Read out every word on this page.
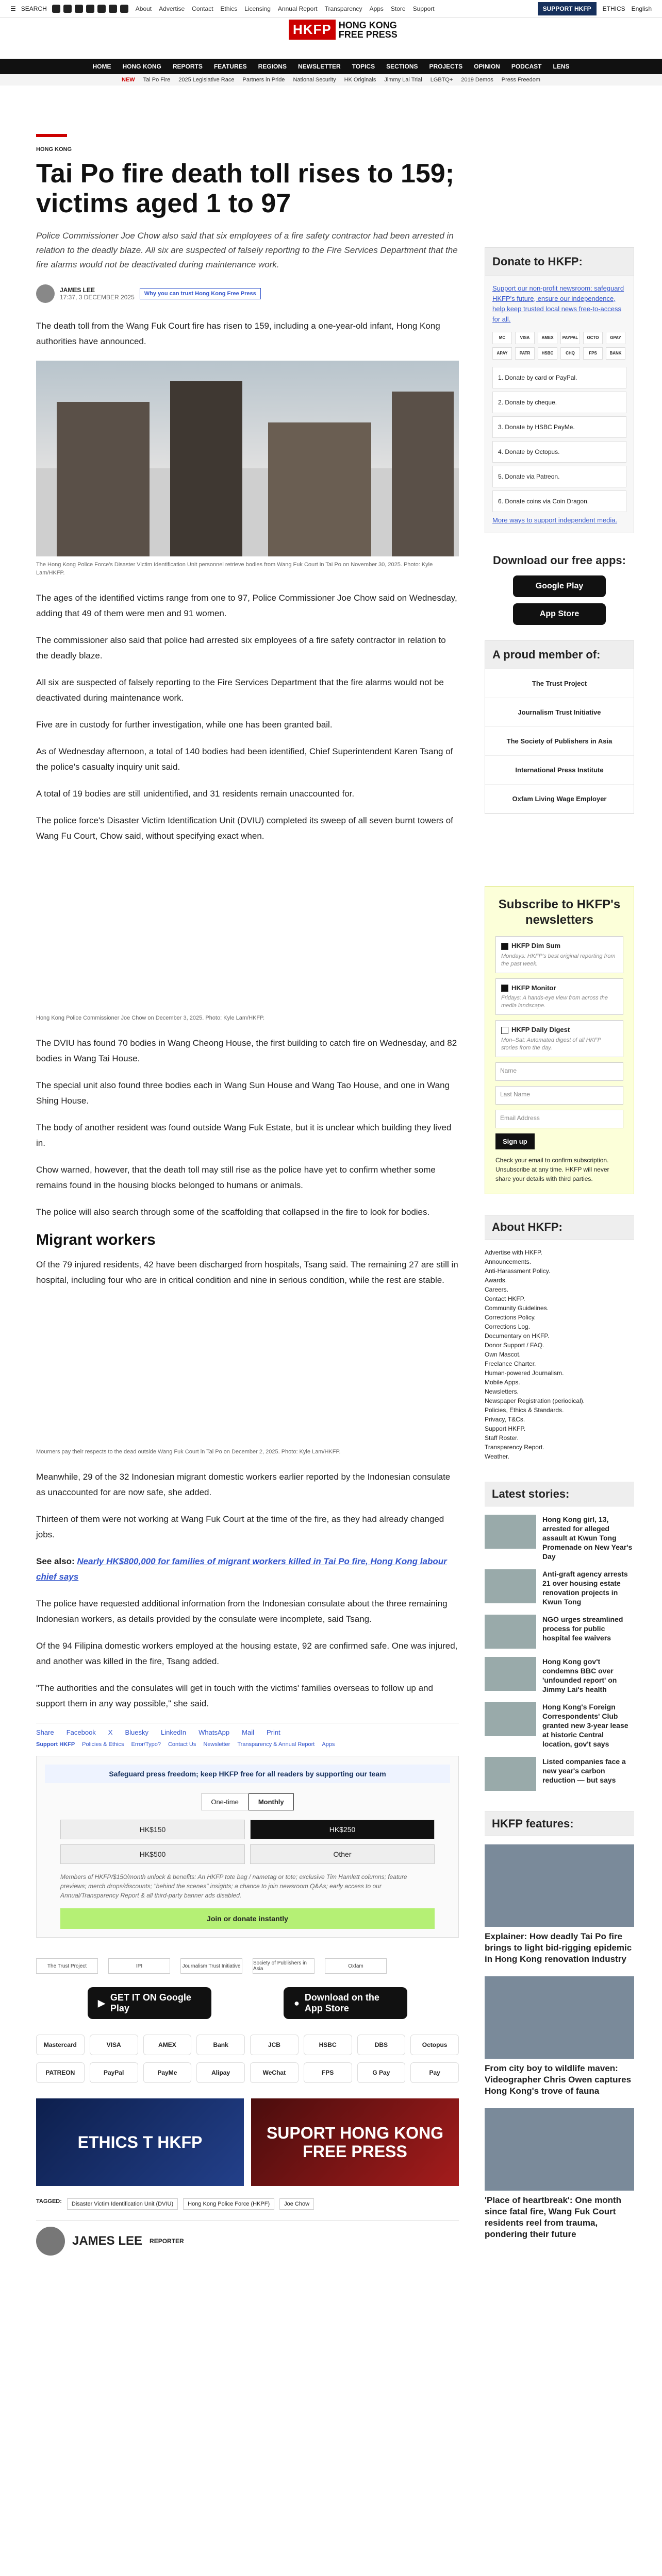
☰ SEARCH	About Advertise Contact Ethics Licensing Annual Report Transparency Apps Store Support	SUPPORT HKFP	ETHICS English
HKFP HONG KONG
FREE PRESS
HOME HONG KONG REPORTS FEATURES REGIONS NEWSLETTER TOPICS SECTIONS PROJECTS OPINION PODCAST LENS
NEW Tai Po Fire 2025 Legislative Race Partners in Pride National Security HK Originals Jimmy Lai Trial LGBTQ+ 2019 Demos Press Freedom
HONG KONG
Tai Po fire death toll rises to 159; victims aged 1 to 97

Police Commissioner Joe Chow also said that six employees of a fire safety contractor had been arrested in relation to the deadly blaze. All six are suspected of falsely reporting to the Fire Services Department that the fire alarms would not be deactivated during maintenance work.

JAMES LEE
17:37, 3 DECEMBER 2025	Why you can trust Hong Kong Free Press

The death toll from the Wang Fuk Court fire has risen to 159, including a one-year-old infant, Hong Kong authorities have announced.

The Hong Kong Police Force's Disaster Victim Identification Unit personnel retrieve bodies from Wang Fuk Court in Tai Po on November 30, 2025. Photo: Kyle Lam/HKFP.

The ages of the identified victims range from one to 97, Police Commissioner Joe Chow said on Wednesday, adding that 49 of them were men and 91 women.

The commissioner also said that police had arrested six employees of a fire safety contractor in relation to the deadly blaze.

All six are suspected of falsely reporting to the Fire Services Department that the fire alarms would not be deactivated during maintenance work.

Five are in custody for further investigation, while one has been granted bail.

As of Wednesday afternoon, a total of 140 bodies had been identified, Chief Superintendent Karen Tsang of the police's casualty inquiry unit said.

A total of 19 bodies are still unidentified, and 31 residents remain unaccounted for.

The police force's Disaster Victim Identification Unit (DVIU) completed its sweep of all seven burnt towers of Wang Fu Court, Chow said, without specifying exact when.

Hong Kong Police Commissioner Joe Chow on December 3, 2025. Photo: Kyle Lam/HKFP.

The DVIU has found 70 bodies in Wang Cheong House, the first building to catch fire on Wednesday, and 82 bodies in Wang Tai House.

The special unit also found three bodies each in Wang Sun House and Wang Tao House, and one in Wang Shing House.

The body of another resident was found outside Wang Fuk Estate, but it is unclear which building they lived in.

Chow warned, however, that the death toll may still rise as the police have yet to confirm whether some remains found in the housing blocks belonged to humans or animals.

The police will also search through some of the scaffolding that collapsed in the fire to look for bodies.

Migrant workers

Of the 79 injured residents, 42 have been discharged from hospitals, Tsang said. The remaining 27 are still in hospital, including four who are in critical condition and nine in serious condition, while the rest are stable.

Mourners pay their respects to the dead outside Wang Fuk Court in Tai Po on December 2, 2025. Photo: Kyle Lam/HKFP.

Meanwhile, 29 of the 32 Indonesian migrant domestic workers earlier reported by the Indonesian consulate as unaccounted for are now safe, she added.

Thirteen of them were not working at Wang Fuk Court at the time of the fire, as they had already changed jobs.

See also: Nearly HK$800,000 for families of migrant workers killed in Tai Po fire, Hong Kong labour chief says

The police have requested additional information from the Indonesian consulate about the three remaining Indonesian workers, as details provided by the consulate were incomplete, said Tsang.

Of the 94 Filipina domestic workers employed at the housing estate, 92 are confirmed safe. One was injured, and another was killed in the fire, Tsang added.

"The authorities and the consulates will get in touch with the victims' families overseas to follow up and support them in any way possible," she said.

Share Facebook X Bluesky LinkedIn WhatsApp Mail Print
Support HKFP Policies & Ethics Error/Typo? Contact Us Newsletter Transparency & Annual Report Apps
Safeguard press freedom; keep HKFP free for all readers by supporting our team
One-time	Monthly
HK$150	HK$250
HK$500	Other
Members of HKFP/$150/month unlock & benefits: An HKFP tote bag / nametag or tote; exclusive Tim Hamlett columns; feature previews; merch drops/discounts; "behind the scenes" insights; a chance to join newsroom Q&As; early access to our Annual/Transparency Report & all third-party banner ads disabled.
Join or donate instantly
The Trust Project	IPI	Journalism Trust Initiative	Society of Publishers in Asia	Oxfam
▶
GET IT ON Google Play
●
Download on the App Store
Mastercard	VISA	AMEX	Bank	JCB	HSBC	DBS	Octopus
PATREON	PayPal	PayMe	Alipay	WeChat	FPS	G Pay	Pay
ETHICS T HKFP	SUPORT HONG KONG FREE PRESS
TAGGED:	Disaster Victim Identification Unit (DVIU)	Hong Kong Police Force (HKPF)	Joe Chow
JAMES LEE REPORTER
Donate to HKFP:
Support our non-profit newsroom: safeguard HKFP's future, ensure our independence, help keep trusted local news free-to-access for all.
MC	VISA	AMEX	PAYPAL	OCTO	GPAY
APAY	PATR	HSBC	CHQ	FPS	BANK
1. Donate by card or PayPal.
2. Donate by cheque.
3. Donate by HSBC PayMe.
4. Donate by Octopus.
5. Donate via Patreon.
6. Donate coins via Coin Dragon.
More ways to support independent media.
Download our free apps:
Google Play
App Store
A proud member of:
The Trust Project
Journalism Trust Initiative
The Society of Publishers in Asia
International Press Institute
Oxfam Living Wage Employer
Subscribe to HKFP's newsletters
HKFP Dim Sum
Mondays: HKFP's best original reporting from the past week.
HKFP Monitor
Fridays: A hands-eye view from across the media landscape.
HKFP Daily Digest
Mon–Sat: Automated digest of all HKFP stories from the day.
Name
Last Name
Email Address
Sign up

Check your email to confirm subscription. Unsubscribe at any time. HKFP will never share your details with third parties.

About HKFP:
Advertise with HKFP.
Announcements.
Anti-Harassment Policy.
Awards.
Careers.
Contact HKFP.
Community Guidelines.
Corrections Policy.
Corrections Log.
Documentary on HKFP.
Donor Support / FAQ.
Own Mascot.
Freelance Charter.
Human-powered Journalism.
Mobile Apps.
Newsletters.
Newspaper Registration (periodical).
Policies, Ethics & Standards.
Privacy, T&Cs.
Support HKFP.
Staff Roster.
Transparency Report.
Weather.
Latest stories:
Hong Kong girl, 13, arrested for alleged assault at Kwun Tong Promenade on New Year's Day
Anti-graft agency arrests 21 over housing estate renovation projects in Kwun Tong
NGO urges streamlined process for public hospital fee waivers
Hong Kong gov't condemns BBC over 'unfounded report' on Jimmy Lai's health
Hong Kong's Foreign Correspondents' Club granted new 3-year lease at historic Central location, gov't says
Listed companies face a new year's carbon reduction — but says
HKFP features:
Explainer: How deadly Tai Po fire brings to light bid-rigging epidemic in Hong Kong renovation industry
From city boy to wildlife maven: Videographer Chris Owen captures Hong Kong's trove of fauna
'Place of heartbreak': One month since fatal fire, Wang Fuk Court residents reel from trauma, pondering their future
